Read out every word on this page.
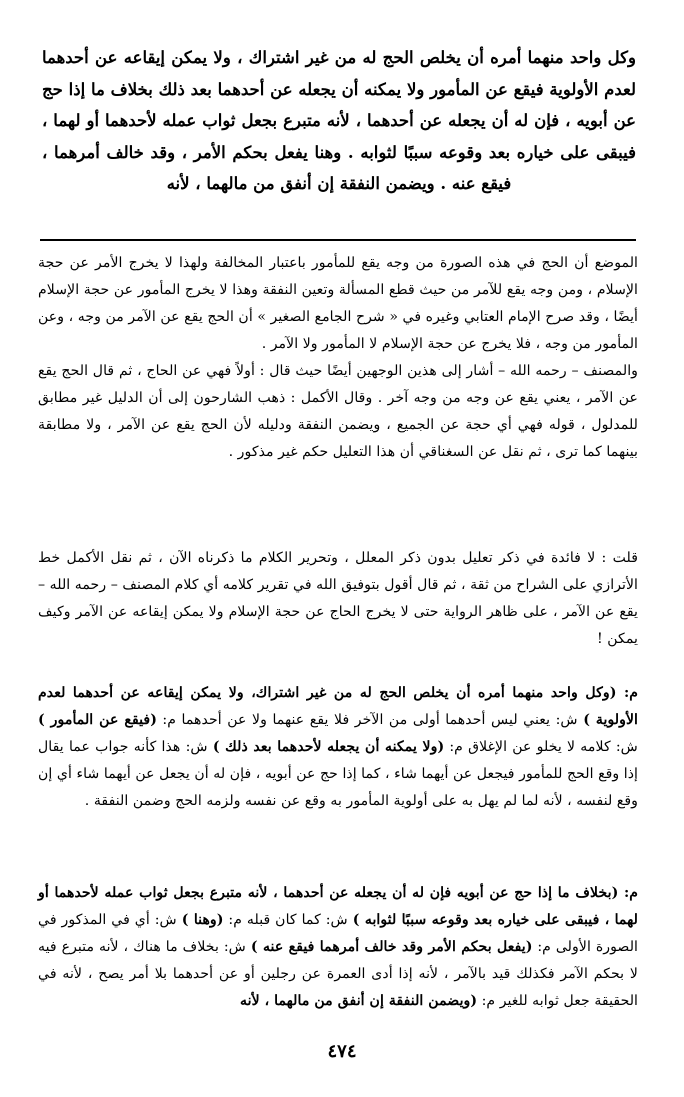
وكل واحد منهما أمره أن يخلص الحج له من غير اشتراك ، ولا يمكن إيقاعه عن أحدهما لعدم الأولوية فيقع عن المأمور ولا يمكنه أن يجعله عن أحدهما بعد ذلك بخلاف ما إذا حج عن أبويه ، فإن له أن يجعله عن أحدهما ، لأنه متبرع بجعل ثواب عمله لأحدهما أو لهما ، فيبقى على خياره بعد وقوعه سببًا لثوابه . وهنا يفعل بحكم الأمر ، وقد خالف أمرهما ، فيقع عنه . ويضمن النفقة إن أنفق من مالهما ، لأنه

الموضع أن الحج في هذه الصورة من وجه يقع للمأمور باعتبار المخالفة ولهذا لا يخرج الأمر عن حجة الإسلام ، ومن وجه يقع للآمر من حيث قطع المسألة وتعين النفقة وهذا لا يخرج المأمور عن حجة الإسلام أيضًا ، وقد صرح الإمام العتابي وغيره في « شرح الجامع الصغير » أن الحج يقع عن الآمر من وجه ، وعن المأمور من وجه ، فلا يخرج عن حجة الإسلام لا المأمور ولا الآمر .

والمصنف – رحمه الله – أشار إلى هذين الوجهين أيضًا حيث قال : أولاً فهي عن الحاج ، ثم قال الحج يقع عن الآمر ، يعني يقع عن وجه من وجه آخر . وقال الأكمل : ذهب الشارحون إلى أن الدليل غير مطابق للمدلول ، قوله فهي أي حجة عن الجميع ، ويضمن النفقة ودليله لأن الحج يقع عن الآمر ، ولا مطابقة بينهما كما ترى ، ثم نقل عن السغناقي أن هذا التعليل حكم غير مذكور .

قلت : لا فائدة في ذكر تعليل بدون ذكر المعلل ، وتحرير الكلام ما ذكرناه الآن ، ثم نقل الأكمل خط الأترازي على الشراح من ثقة ، ثم قال أقول بتوفيق الله في تقرير كلامه أي كلام المصنف – رحمه الله – يقع عن الآمر ، على ظاهر الرواية حتى لا يخرج الحاج عن حجة الإسلام ولا يمكن إيقاعه عن الآمر وكيف يمكن !

م: (وكل واحد منهما أمره أن يخلص الحج له من غير اشتراك، ولا يمكن إيقاعه عن أحدهما لعدم الأولوية ) ش: يعني ليس أحدهما أولى من الآخر فلا يقع عنهما ولا عن أحدهما م: (فيقع عن المأمور ) ش: كلامه لا يخلو عن الإغلاق م: (ولا يمكنه أن يجعله لأحدهما بعد ذلك ) ش: هذا كأنه جواب عما يقال إذا وقع الحج للمأمور فيجعل عن أيهما شاء ، كما إذا حج عن أبويه ، فإن له أن يجعل عن أيهما شاء أي إن وقع لنفسه ، لأنه لما لم يهل به على أولوية المأمور به وقع عن نفسه ولزمه الحج وضمن النفقة .

م: (بخلاف ما إذا حج عن أبويه فإن له أن يجعله عن أحدهما ، لأنه متبرع بجعل ثواب عمله لأحدهما أو لهما ، فيبقى على خياره بعد وقوعه سببًا لثوابه ) ش: كما كان قبله م: (وهنا ) ش: أي في المذكور في الصورة الأولى م: (يفعل بحكم الأمر وقد خالف أمرهما فيقع عنه ) ش: بخلاف ما هناك ، لأنه متبرع فيه لا بحكم الآمر فكذلك قيد بالآمر ، لأنه إذا أدى العمرة عن رجلين أو عن أحدهما بلا أمر يصح ، لأنه في الحقيقة جعل ثوابه للغير م: (ويضمن النفقة إن أنفق من مالهما ، لأنه

٤٧٤
